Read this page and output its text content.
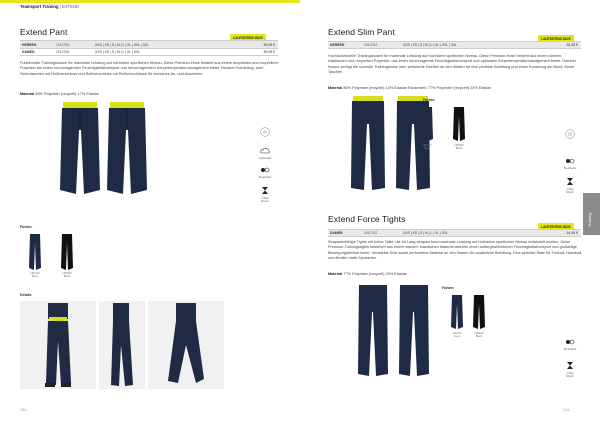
Teamsport Training | EXTEND
Extend Pant
LAUFZEITBIS 06/25
HERREN	1912769	XXS | XS | S | M | L | XL | XXL | 3XL	59,95 €
DAMEN	1912768	XXS | XS | S | M | L | XL | XXL	59,95 €
Funktionelle Trainingshosen für maximale Leistung auf höchstem sportlichen Niveau. Diese Premium-Hose besteht aus einem recyclelten und recyceltem Polyester als einem hervorragenden Feuchtigkeitstransport und hervorragendem Körpertemperaturmanagement bietet. Rundum Kordelzug, zwei Seitentaschen mit Reißverschluss und Reißverschluss mit Reißverschlüsse für einfaches An- und Ausziehen.
Material 83% Polyester (recycelt) 17% Elastan
Lightweight
Breathable
4-Way Stretch
Farben
1910/02
Blaze
1999/02
Black
Details
140
Extend Slim Pant
LAUFZEITBIS 06/25
HERREN	1912782	XXS | XS | S | M | L | XL | XXL | 3XL	54,95 €
Hochfunktionelle Trainingshosen für maximale Leistung auf höchstem sportlichen Niveau. Diese Premium-Hose besteht aus einem dünnen, elastischen und recycelten Polyester, das einen hervorragende Feuchtigkeitstransport und optimales Körpertemperaturmanagement bietet. Darüber hinaus verfügt die schmale Trainingshose über perforierte Streifen an den Waden für eine perfekte Belüftung und einen Kordelzug am Bund. Keine Taschen.
Material 86% Polyester (recycelt) 14% Elastan Rückenteil: 77% Polyester (recycelt) 23% Elastan
Farben
1910/02
Navy
1999/02
Black
Breathable
4-Way Stretch
Extend Force Tights
LAUFZEITBIS 06/23
DAMEN	1912752	XXS | XS | S | M | L | XL | XXL	44,95 €
Strapazierfähige Tights mit hoher Taille, die für Lang strapazi fund maximale Leistung auf höchstem sportlichen Niveau entwickelt wurden. Diese Premium-Trainingstights bestehen aus einem starken, elastischen Material welches einen außergewöhnlichen Feuchtigkeitstransport und großartige Bewegungsfreiheit bietet. Verstärkte Knie sowie perforiertes Material an den Waden für zusätzliche Belüftung. Eine perfekte Wahl für Fußball, Handball und ähnlich harte Sportarten.
Material 77% Polyester (recycelt) 23% Elastan
Farben
1910/02
Navy
1999/02
Black
Breathable
4-Way Stretch
Training
141
